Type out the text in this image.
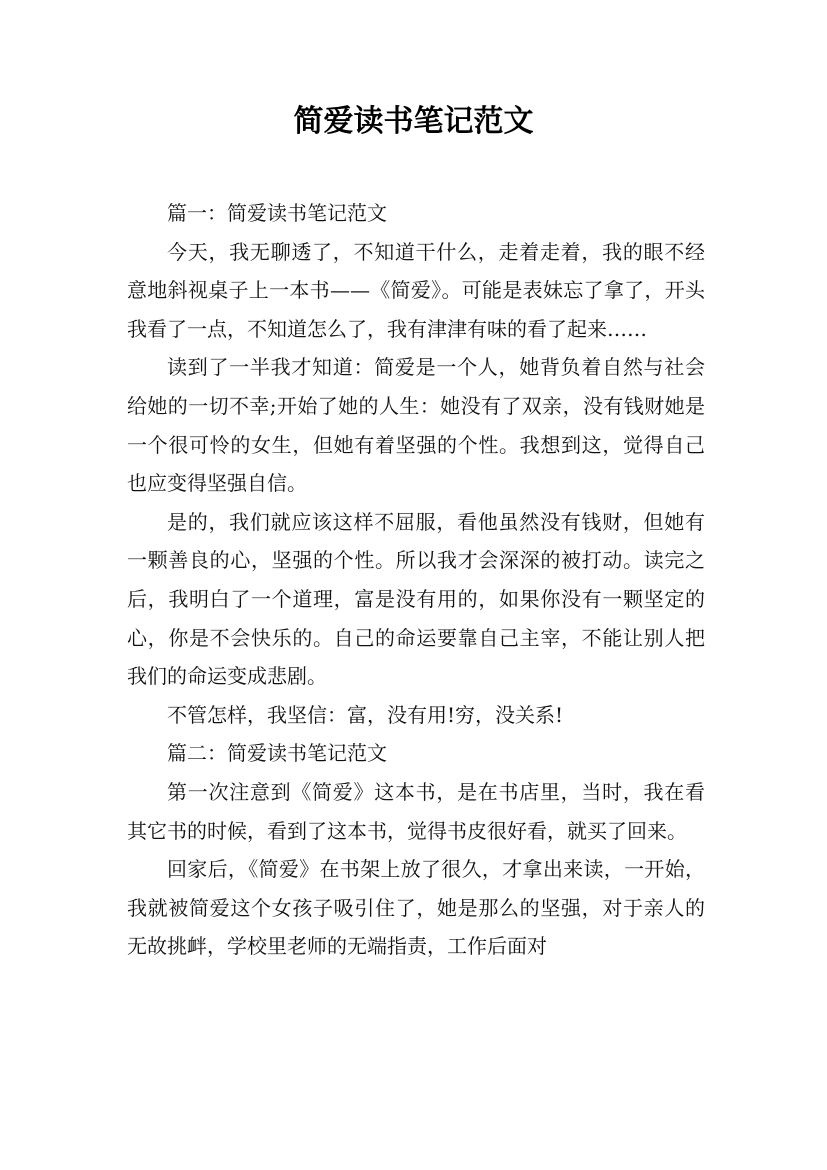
简爱读书笔记范文

篇一：简爱读书笔记范文

今天，我无聊透了，不知道干什么，走着走着，我的眼不经意地斜视桌子上一本书——《简爱》。可能是表妹忘了拿了，开头我看了一点，不知道怎么了，我有津津有味的看了起来……

读到了一半我才知道：简爱是一个人，她背负着自然与社会给她的一切不幸;开始了她的人生：她没有了双亲，没有钱财她是一个很可怜的女生，但她有着坚强的个性。我想到这，觉得自己也应变得坚强自信。

是的，我们就应该这样不屈服，看他虽然没有钱财，但她有一颗善良的心，坚强的个性。所以我才会深深的被打动。读完之后，我明白了一个道理，富是没有用的，如果你没有一颗坚定的心，你是不会快乐的。自己的命运要靠自己主宰，不能让别人把我们的命运变成悲剧。

不管怎样，我坚信：富，没有用!穷，没关系!

篇二：简爱读书笔记范文

第一次注意到《简爱》这本书，是在书店里，当时，我在看其它书的时候，看到了这本书，觉得书皮很好看，就买了回来。

回家后，《简爱》在书架上放了很久，才拿出来读，一开始，我就被简爱这个女孩子吸引住了，她是那么的坚强，对于亲人的无故挑衅，学校里老师的无端指责，工作后面对
